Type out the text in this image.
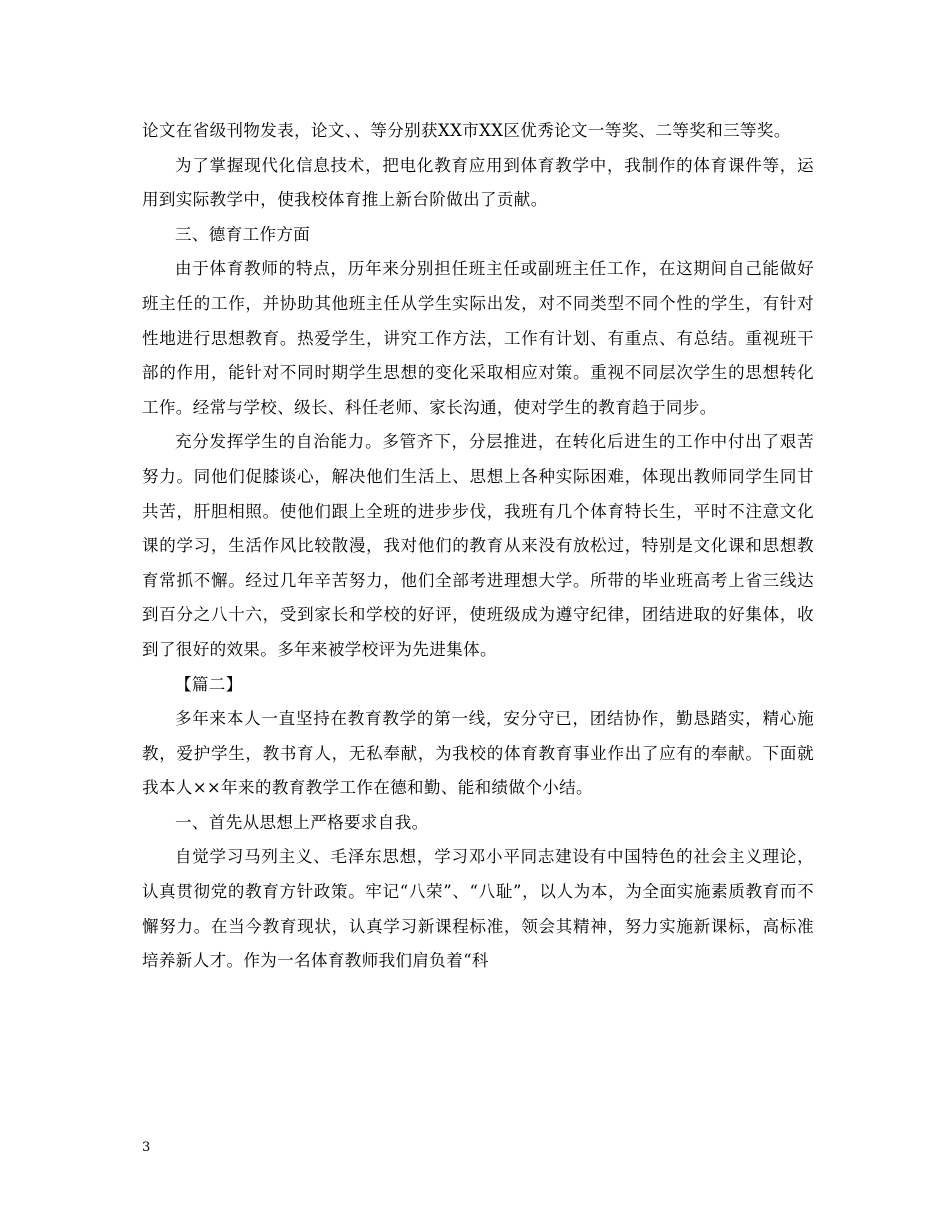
论文在省级刊物发表，论文、、等分别获XX市XX区优秀论文一等奖、二等奖和三等奖。

为了掌握现代化信息技术，把电化教育应用到体育教学中，我制作的体育课件等，运用到实际教学中，使我校体育推上新台阶做出了贡献。

三、德育工作方面

由于体育教师的特点，历年来分别担任班主任或副班主任工作，在这期间自己能做好班主任的工作，并协助其他班主任从学生实际出发，对不同类型不同个性的学生，有针对性地进行思想教育。热爱学生，讲究工作方法，工作有计划、有重点、有总结。重视班干部的作用，能针对不同时期学生思想的变化采取相应对策。重视不同层次学生的思想转化工作。经常与学校、级长、科任老师、家长沟通，使对学生的教育趋于同步。

充分发挥学生的自治能力。多管齐下，分层推进，在转化后进生的工作中付出了艰苦努力。同他们促膝谈心，解决他们生活上、思想上各种实际困难，体现出教师同学生同甘共苦，肝胆相照。使他们跟上全班的进步步伐，我班有几个体育特长生，平时不注意文化课的学习，生活作风比较散漫，我对他们的教育从来没有放松过，特别是文化课和思想教育常抓不懈。经过几年辛苦努力，他们全部考进理想大学。所带的毕业班高考上省三线达到百分之八十六，受到家长和学校的好评，使班级成为遵守纪律，团结进取的好集体，收到了很好的效果。多年来被学校评为先进集体。

【篇二】

多年来本人一直坚持在教育教学的第一线，安分守已，团结协作，勤恳踏实，精心施教，爱护学生，教书育人，无私奉献，为我校的体育教育事业作出了应有的奉献。下面就我本人××年来的教育教学工作在德和勤、能和绩做个小结。

一、首先从思想上严格要求自我。

自觉学习马列主义、毛泽东思想，学习邓小平同志建设有中国特色的社会主义理论，认真贯彻党的教育方针政策。牢记“八荣”、“八耻”，以人为本，为全面实施素质教育而不懈努力。在当今教育现状，认真学习新课程标准，领会其精神，努力实施新课标，高标准培养新人才。作为一名体育教师我们肩负着“科

3
